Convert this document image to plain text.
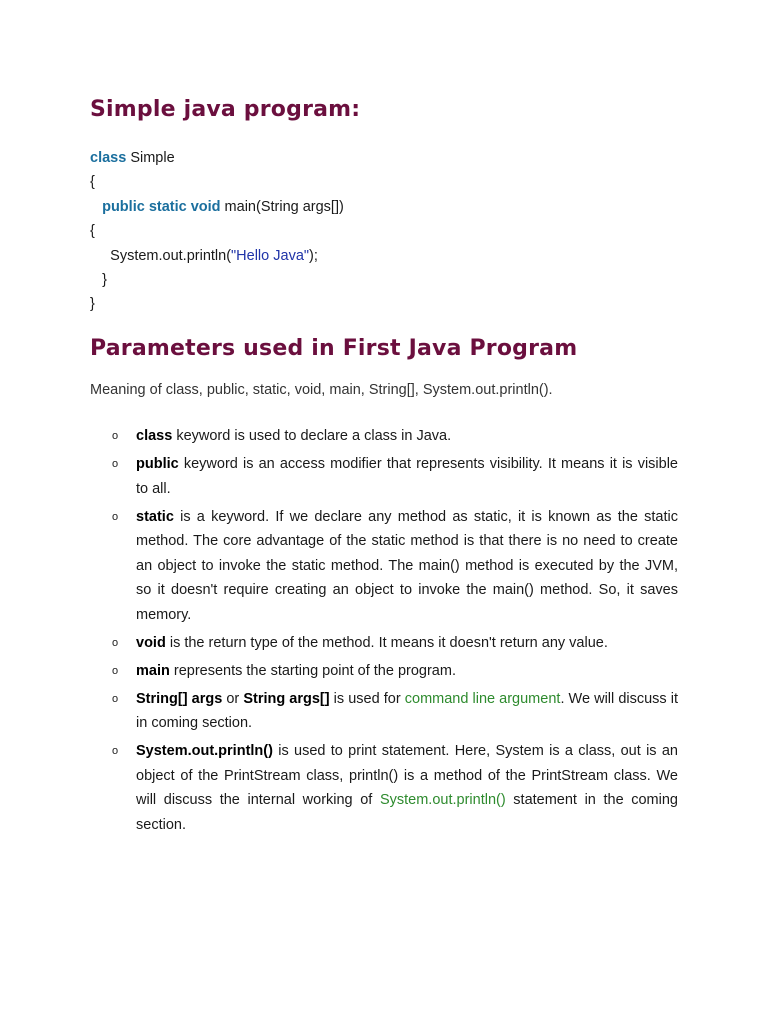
Simple java program:
class Simple
{
public static void main(String args[])
{
System.out.println("Hello Java");
}
}
Parameters used in First Java Program
Meaning of class, public, static, void, main, String[], System.out.println().
o class keyword is used to declare a class in Java.
o public keyword is an access modifier that represents visibility. It means it is visible to all.
o static is a keyword. If we declare any method as static, it is known as the static method. The core advantage of the static method is that there is no need to create an object to invoke the static method. The main() method is executed by the JVM, so it doesn't require creating an object to invoke the main() method. So, it saves memory.
o void is the return type of the method. It means it doesn't return any value.
o main represents the starting point of the program.
o String[] args or String args[] is used for command line argument. We will discuss it in coming section.
o System.out.println() is used to print statement. Here, System is a class, out is an object of the PrintStream class, println() is a method of the PrintStream class. We will discuss the internal working of System.out.println() statement in the coming section.
